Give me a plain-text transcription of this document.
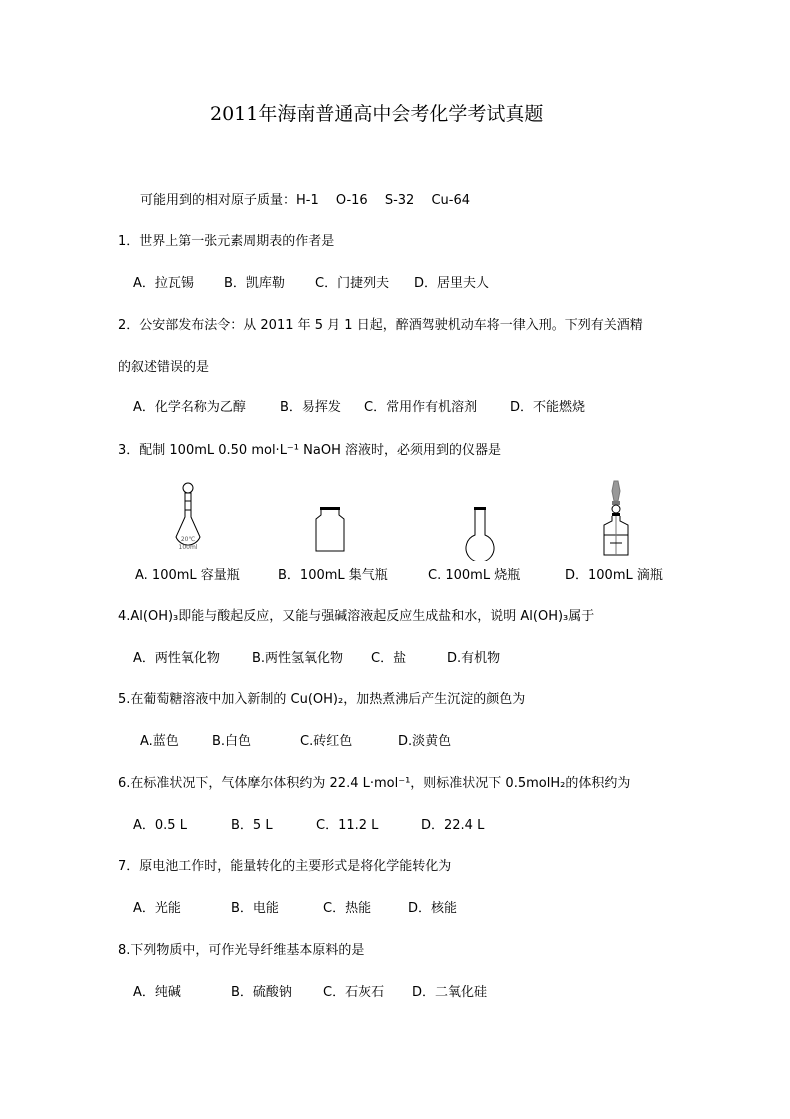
2011年海南普通高中会考化学考试真题
可能用到的相对原子质量：H-1　 O-16　 S-32　 Cu-64
1．世界上第一张元素周期表的作者是
A．拉瓦锡 B．凯库勒 C．门捷列夫 D．居里夫人
2．公安部发布法令：从 2011 年 5 月 1 日起，醉酒驾驶机动车将一律入刑。下列有关酒精
的叙述错误的是
A．化学名称为乙醇	B．易挥发 C．常用作有机溶剂	D．不能燃烧
3．配制 100mL 0.50 mol·L⁻¹ NaOH 溶液时，必须用到的仪器是
A. 100mL 容量瓶	B．100mL 集气瓶	C. 100mL 烧瓶	D．100mL 滴瓶
4.Al(OH)₃即能与酸起反应，又能与强碱溶液起反应生成盐和水，说明 Al(OH)₃属于
A．两性氧化物 B.两性氢氧化物 C．盐	D.有机物
5.在葡萄糖溶液中加入新制的 Cu(OH)₂，加热煮沸后产生沉淀的颜色为
A.蓝色	B.白色	C.砖红色	D.淡黄色
6.在标准状况下，气体摩尔体积约为 22.4 L·mol⁻¹，则标准状况下 0.5molH₂的体积约为
A．0.5 L	B．5 L	C．11.2 L	D．22.4 L
7．原电池工作时，能量转化的主要形式是将化学能转化为
A．光能	B．电能	C．热能	D．核能
8.下列物质中，可作光导纤维基本原料的是
A．纯碱	B．硫酸钠 C．石灰石 D．二氧化硅
20℃
100ml
